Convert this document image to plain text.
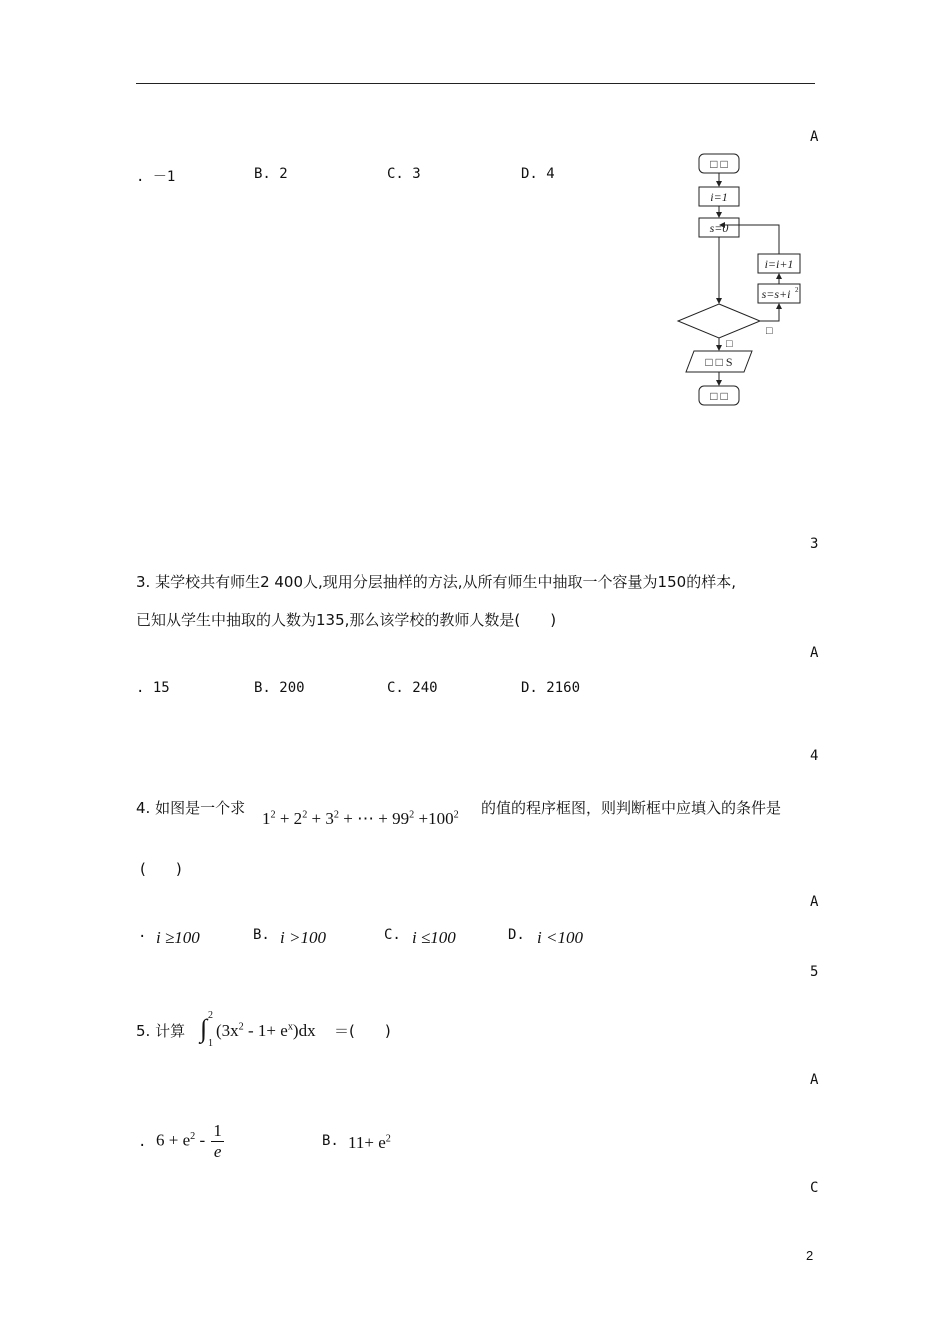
A
3
A
4
A
5
A
C
. －1	B. 2	C. 3	D. 4
□ □
i=1
s=0
i=i+1
s=s+i 2
□
□
□ □ S
□ □
3. 某学校共有师生2 400人,现用分层抽样的方法,从所有师生中抽取一个容量为150的样本,
已知从学生中抽取的人数为135,那么该学校的教师人数是(　　)
. 15	B. 200	C. 240	D. 2160
4. 如图是一个求
$1^2 + 2^2 + 3^2$ + ⋯ + $99^2 +100^2$ 的值的程序框图，则判断框中应填入的条件是
(　　)
· i ≥100	B. i >100	C. i ≤100	D. i <100
5. 计算 ∫ 2
1
$(3x^2 - 1+ e^x)dx$ ＝(　　)
. $6 + e^2 - \frac{1}{e}$	B. $11+ e^2$
2
